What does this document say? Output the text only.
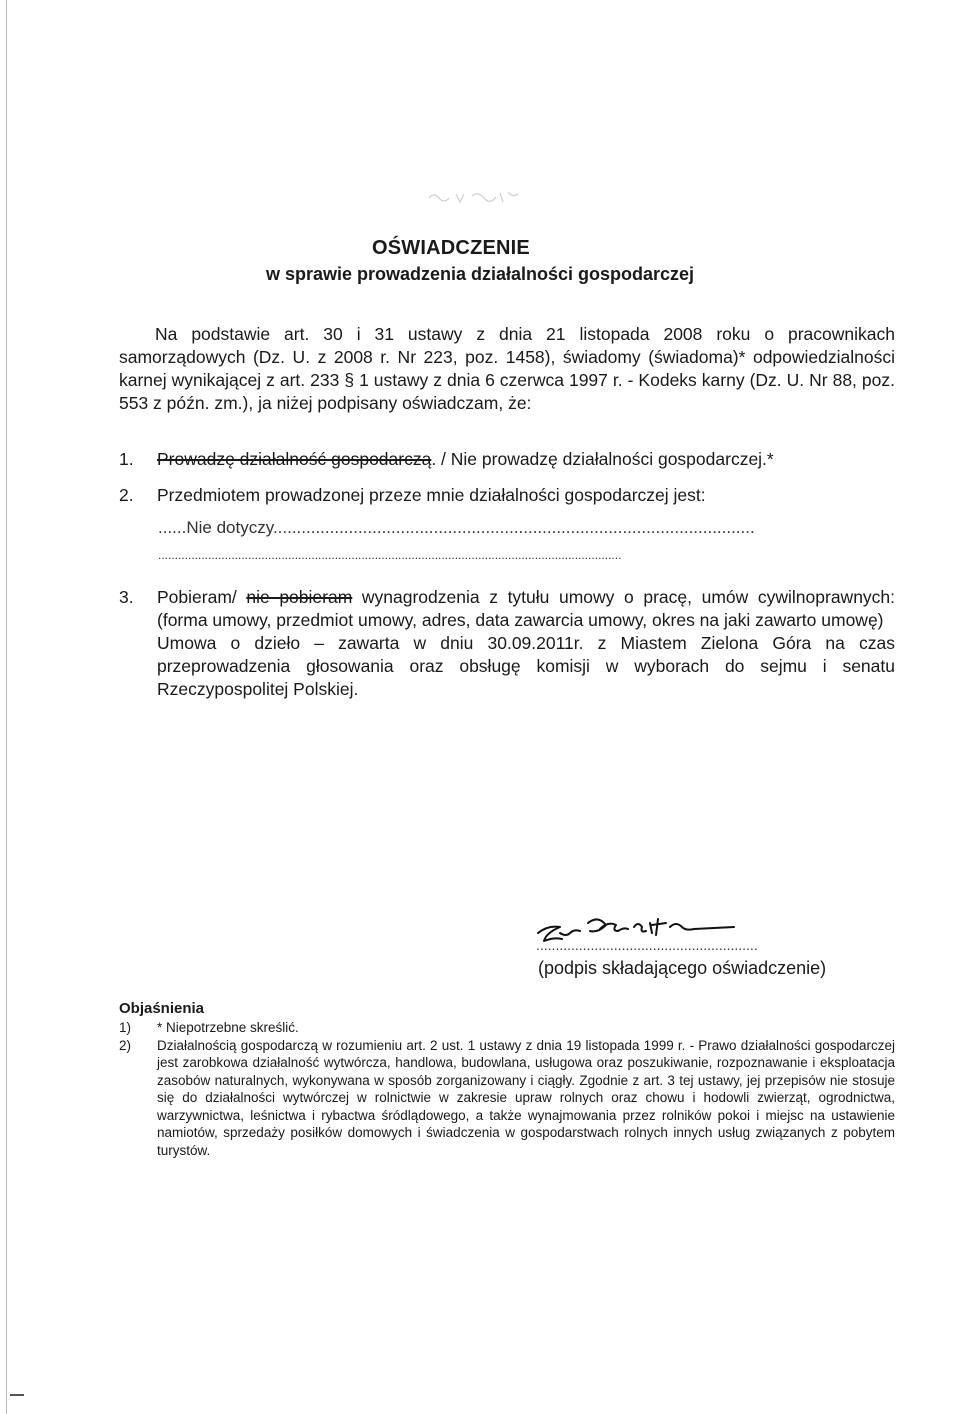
OŚWIADCZENIE
w sprawie prowadzenia działalności gospodarczej
Na podstawie art. 30 i 31 ustawy z dnia 21 listopada 2008 roku o pracownikach samorządowych (Dz. U. z 2008 r. Nr 223, poz. 1458), świadomy (świadoma)* odpowiedzialności karnej wynikającej z art. 233 § 1 ustawy z dnia 6 czerwca 1997 r. - Kodeks karny (Dz. U. Nr 88, poz. 553 z późn. zm.), ja niżej podpisany oświadczam, że:
1.	Prowadzę działalność gospodarczą. / Nie prowadzę działalności gospodarczej.*
2.	Przedmiotem prowadzonej przeze mnie działalności gospodarczej jest:
......Nie dotyczy......................................................................................................
...........................................................................................................................................
3.	Pobieram/ nie pobieram wynagrodzenia z tytułu umowy o pracę, umów cywilnoprawnych: (forma umowy, przedmiot umowy, adres, data zawarcia umowy, okres na jaki zawarto umowę)
Umowa o dzieło – zawarta w dniu 30.09.2011r. z Miastem Zielona Góra na czas przeprowadzenia głosowania oraz obsługę komisji w wyborach do sejmu i senatu Rzeczypospolitej Polskiej.
.........................................................
(podpis składającego oświadczenie)
Objaśnienia
1) * Niepotrzebne skreślić.
2) Działalnością gospodarczą w rozumieniu art. 2 ust. 1 ustawy z dnia 19 listopada 1999 r. - Prawo działalności gospodarczej jest zarobkowa działalność wytwórcza, handlowa, budowlana, usługowa oraz poszukiwanie, rozpoznawanie i eksploatacja zasobów naturalnych, wykonywana w sposób zorganizowany i ciągły. Zgodnie z art. 3 tej ustawy, jej przepisów nie stosuje się do działalności wytwórczej w rolnictwie w zakresie upraw rolnych oraz chowu i hodowli zwierząt, ogrodnictwa, warzywnictwa, leśnictwa i rybactwa śródlądowego, a także wynajmowania przez rolników pokoi i miejsc na ustawienie namiotów, sprzedaży posiłków domowych i świadczenia w gospodarstwach rolnych innych usług związanych z pobytem turystów.
